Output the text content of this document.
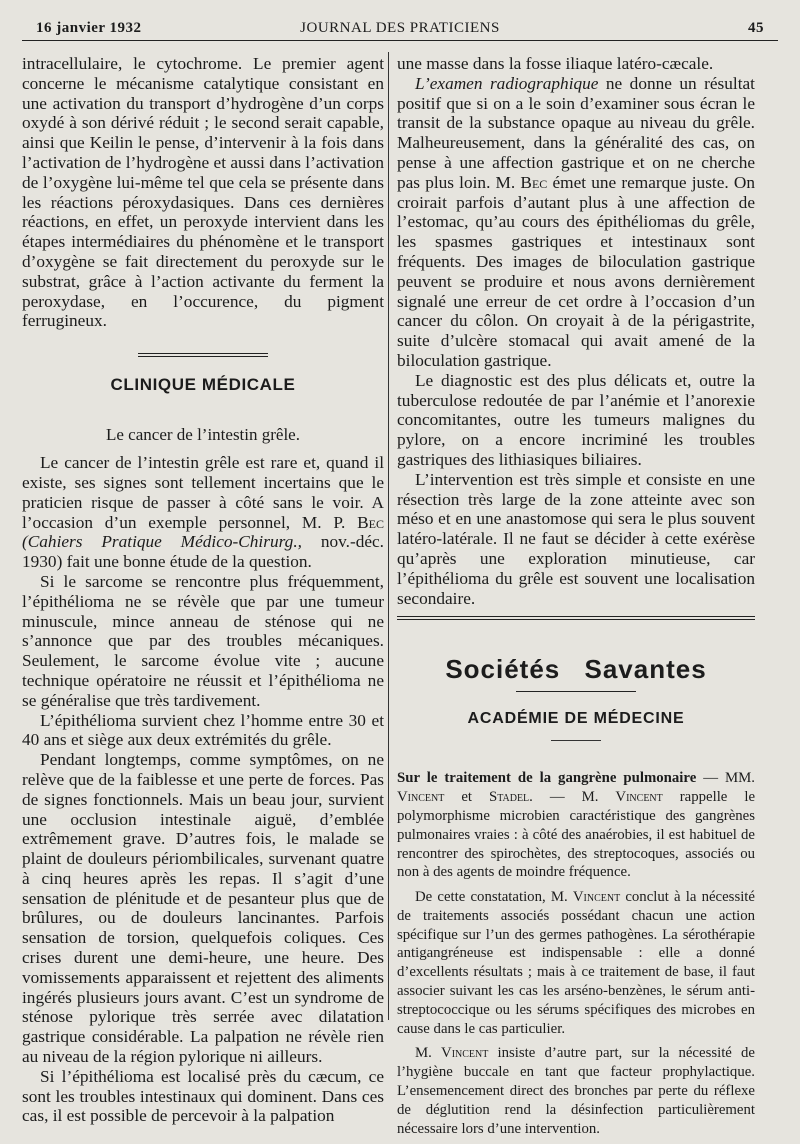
16 janvier 1932	JOURNAL DES PRATICIENS	45

intracellulaire, le cytochrome. Le premier agent concerne le mécanisme catalytique consistant en une activation du transport d’hydrogène d’un corps oxydé à son dérivé réduit ; le second serait capable, ainsi que Keilin le pense, d’intervenir à la fois dans l’activation de l’hydrogène et aussi dans l’activation de l’oxygène lui-même tel que cela se présente dans les réactions péroxydasiques. Dans ces dernières réactions, en effet, un peroxyde intervient dans les étapes intermédiaires du phénomène et le transport d’oxygène se fait directement du peroxyde sur le substrat, grâce à l’action activante du ferment la peroxydase, en l’occurence, du pigment ferrugineux.

CLINIQUE MÉDICALE
Le cancer de l’intestin grêle.

Le cancer de l’intestin grêle est rare et, quand il existe, ses signes sont tellement incertains que le praticien risque de passer à côté sans le voir. A l’occasion d’un exemple personnel, M. P. Bec (Cahiers Pratique Médico-Chirurg., nov.-déc. 1930) fait une bonne étude de la question.

Si le sarcome se rencontre plus fréquemment, l’épithélioma ne se révèle que par une tumeur minuscule, mince anneau de sténose qui ne s’annonce que par des troubles mécaniques. Seulement, le sarcome évolue vite ; aucune technique opératoire ne réussit et l’épithélioma ne se généralise que très tardivement.

L’épithélioma survient chez l’homme entre 30 et 40 ans et siège aux deux extrémités du grêle.

Pendant longtemps, comme symptômes, on ne relève que de la faiblesse et une perte de forces. Pas de signes fonctionnels. Mais un beau jour, survient une occlusion intestinale aiguë, d’emblée extrêmement grave. D’autres fois, le malade se plaint de douleurs périombilicales, survenant quatre à cinq heures après les repas. Il s’agit d’une sensation de plénitude et de pesanteur plus que de brûlures, ou de douleurs lancinantes. Parfois sensation de torsion, quelquefois coliques. Ces crises durent une demi-heure, une heure. Des vomissements apparaissent et rejettent des aliments ingérés plusieurs jours avant. C’est un syndrome de sténose pylorique très serrée avec dilatation gastrique considérable. La palpation ne révèle rien au niveau de la région pylorique ni ailleurs.

Si l’épithélioma est localisé près du cæcum, ce sont les troubles intestinaux qui dominent. Dans ces cas, il est possible de percevoir à la palpation

une masse dans la fosse iliaque latéro-cæcale.

L’examen radiographique ne donne un résultat positif que si on a le soin d’examiner sous écran le transit de la substance opaque au niveau du grêle. Malheureusement, dans la généralité des cas, on pense à une affection gastrique et on ne cherche pas plus loin. M. Bec émet une remarque juste. On croirait parfois d’autant plus à une affection de l’estomac, qu’au cours des épithéliomas du grêle, les spasmes gastriques et intestinaux sont fréquents. Des images de biloculation gastrique peuvent se produire et nous avons dernièrement signalé une erreur de cet ordre à l’occasion d’un cancer du côlon. On croyait à de la périgastrite, suite d’ulcère stomacal qui avait amené de la biloculation gastrique.

Le diagnostic est des plus délicats et, outre la tuberculose redoutée de par l’anémie et l’anorexie concomitantes, outre les tumeurs malignes du pylore, on a encore incriminé les troubles gastriques des lithiasiques biliaires.

L’intervention est très simple et consiste en une résection très large de la zone atteinte avec son méso et en une anastomose qui sera le plus souvent latéro-latérale. Il ne faut se décider à cette exérèse qu’après une exploration minutieuse, car l’épithélioma du grêle est souvent une localisation secondaire.

Sociétés Savantes
ACADÉMIE DE MÉDECINE

Sur le traitement de la gangrène pulmonaire — MM. Vincent et Stadel. — M. Vincent rappelle le polymorphisme microbien caractéristique des gangrènes pulmonaires vraies : à côté des anaérobies, il est habituel de rencontrer des spirochètes, des streptocoques, associés ou non à des agents de moindre fréquence.

De cette constatation, M. Vincent conclut à la nécessité de traitements associés possédant chacun une action spécifique sur l’un des germes pathogènes. La sérothérapie antigangréneuse est indispensable : elle a donné d’excellents résultats ; mais à ce traitement de base, il faut associer suivant les cas les arséno-benzènes, le sérum anti-streptococcique ou les sérums spécifiques des microbes en cause dans le cas particulier.

M. Vincent insiste d’autre part, sur la nécessité de l’hygiène buccale en tant que facteur prophylactique. L’ensemencement direct des bronches par perte du réflexe de déglutition rend la désinfection particulièrement nécessaire lors d’une intervention.
